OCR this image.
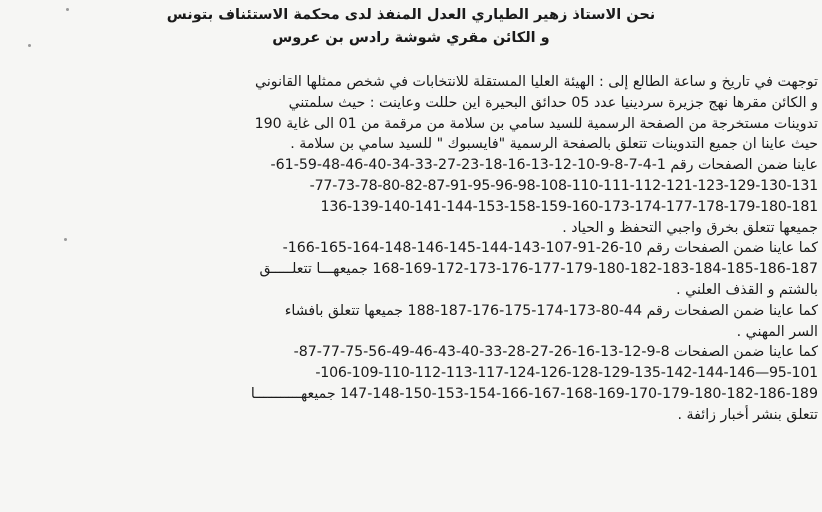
نحن الاستاذ زهير الطياري العدل المنفذ لدى محكمة الاستئناف بتونس
و الكائن مقري شوشة رادس بن عروس
توجهت في تاريخ و ساعة الطالع إلى : الهيئة العليا المستقلة للانتخابات في شخص ممثلها القانوني
و الكائن مقرها نهج جزيرة سردينيا عدد 05 حدائق البحيرة اين حللت وعاينت : حيث سلمتني
تدوينات مستخرجة من الصفحة الرسمية للسيد سامي بن سلامة من مرقمة من 01 الى غاية 190
حيث عاينا ان جميع التدوينات تتعلق بالصفحة الرسمية "فايسبوك " للسيد سامي بن سلامة .
عاينا ضمن الصفحات رقم 1-4-7-8-9-10-12-13-16-18-23-27-33-34-40-46-48-59-61-
77-73-78-80-82-87-91-95-96-98-108-110-111-112-121-123-129-130-131-
136-139-140-141-144-153-158-159-160-173-174-177-178-179-180-181
جميعها تتعلق بخرق واجبي التحفظ و الحياد .
كما عاينا ضمن الصفحات رقم 10-26-91-107-143-144-145-146-148-164-165-166-
168-169-172-173-176-177-179-180-182-183-184-185-186-187 جميعهـــا تتعلـــــق
بالشتم و القذف العلني .
كما عاينا ضمن الصفحات رقم 44-80-173-174-175-176-187-188 جميعها تتعلق بافشاء
السر المهني .
كما عاينا ضمن الصفحات 8-9-12-13-16-26-27-28-33-40-43-46-49-56-75-77-87-
95-101—106-109-110-112-113-117-124-126-128-129-135-142-144-146-
147-148-150-153-154-166-167-168-169-170-179-180-182-186-189 جميعهـــــــــــا
تتعلق بنشر أخبار زائفة .
